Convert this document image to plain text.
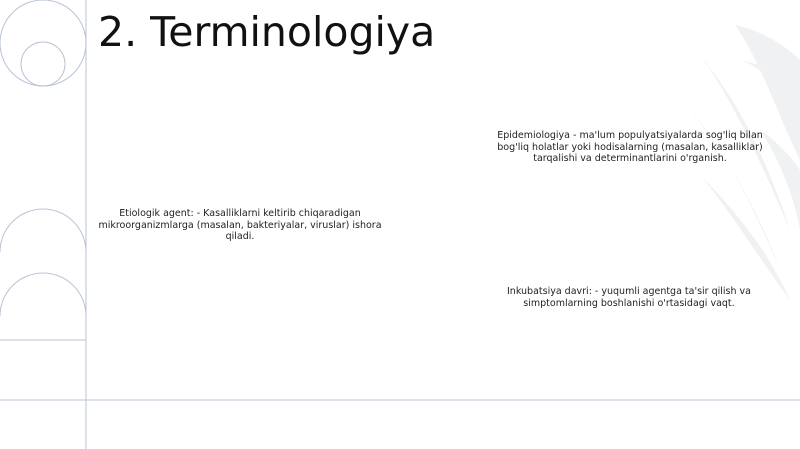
2. Terminologiya
Epidemiologiya - ma'lum populyatsiyalarda sog'liq bilan bog'liq holatlar yoki hodisalarning (masalan, kasalliklar) tarqalishi va determinantlarini o'rganish.
Etiologik agent: - Kasalliklarni keltirib chiqaradigan mikroorganizmlarga (masalan, bakteriyalar, viruslar) ishora qiladi.
Inkubatsiya davri: - yuqumli agentga ta'sir qilish va simptomlarning boshlanishi o'rtasidagi vaqt.
